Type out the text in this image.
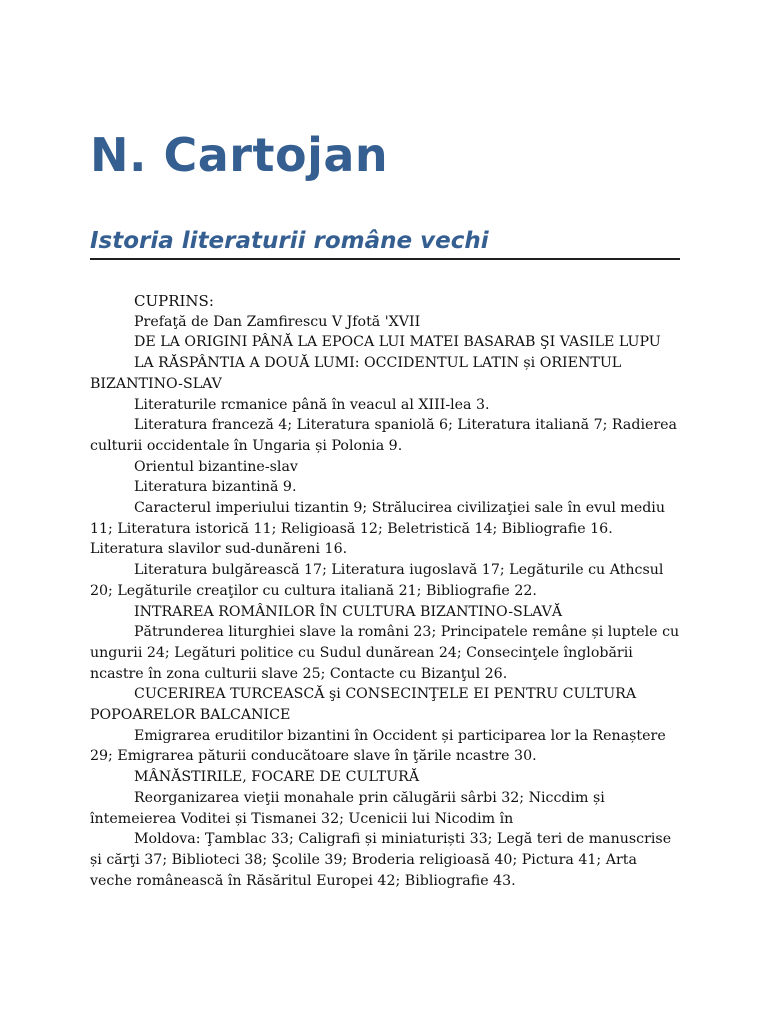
N. Cartojan
Istoria literaturii române vechi

CUPRINS:

Prefaţă de Dan Zamfirescu V Jfotă 'XVII

DE LA ORIGINI PÂNĂ LA EPOCA LUI MATEI BASARAB ŞI VASILE LUPU

LA RĂSPÂNTIA A DOUĂ LUMI: OCCIDENTUL LATIN și ORIENTUL BIZANTINO-SLAV

Literaturile rcmanice până în veacul al XIII-lea 3.

Literatura franceză 4; Literatura spaniolă 6; Literatura italiană 7; Radierea culturii occidentale în Ungaria și Polonia 9.

Orientul bizantine-slav

Literatura bizantină 9.

Caracterul imperiului tizantin 9; Strălucirea civilizaţiei sale în evul mediu 11; Literatura istorică 11; Religioasă 12; Beletristică 14; Bibliografie 16. Literatura slavilor sud-dunăreni 16.

Literatura bulgărească 17; Literatura iugoslavă 17; Legăturile cu Athcsul 20; Legăturile creaţilor cu cultura italiană 21; Bibliografie 22.

INTRAREA ROMÂNILOR ÎN CULTURA BIZANTINO-SLAVĂ

Pătrunderea liturghiei slave la români 23; Principatele remâne și luptele cu ungurii 24; Legături politice cu Sudul dunărean 24; Consecinţele înglobării ncastre în zona culturii slave 25; Contacte cu Bizanţul 26.

CUCERIREA TURCEASCĂ şi CONSECINŢELE EI PENTRU CULTURA POPOARELOR BALCANICE

Emigrarea eruditilor bizantini în Occident și participarea lor la Renaștere 29; Emigrarea păturii conducătoare slave în ţările ncastre 30.

MÂNĂSTIRILE, FOCARE DE CULTURĂ

Reorganizarea vieţii monahale prin călugării sârbi 32; Niccdim și întemeierea Voditei și Tismanei 32; Ucenicii lui Nicodim în

Moldova: Ţamblac 33; Caligrafi și miniaturiști 33; Legă teri de manuscrise și cărţi 37; Biblioteci 38; Şcolile 39; Broderia religioasă 40; Pictura 41; Arta veche românească în Răsăritul Europei 42; Bibliografie 43.
